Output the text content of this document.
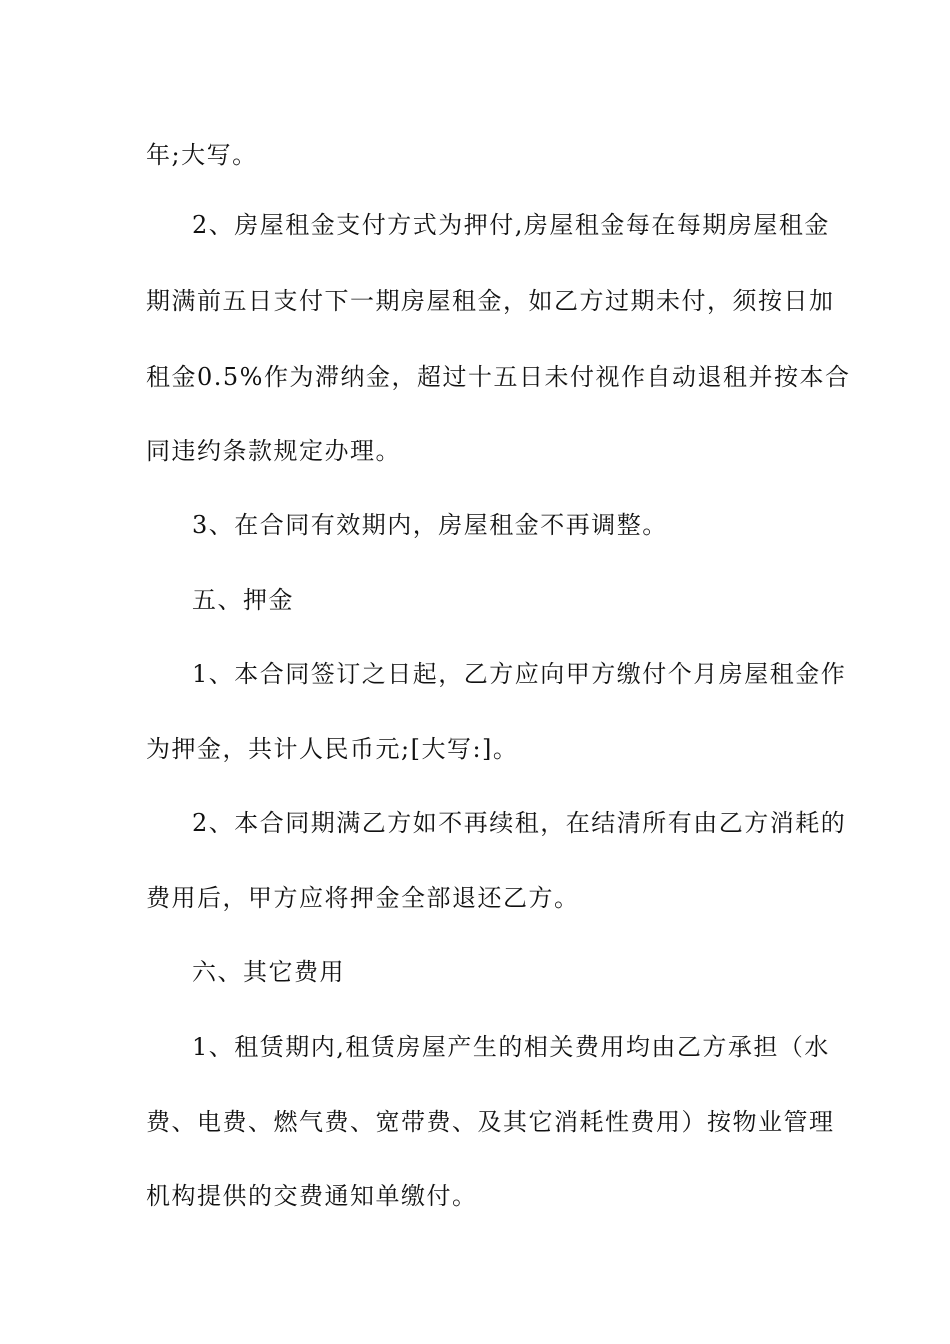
年;大写。
2、房屋租金支付方式为押付,房屋租金每在每期房屋租金
期满前五日支付下一期房屋租金，如乙方过期未付，须按日加
租金0.5%作为滞纳金，超过十五日未付视作自动退租并按本合
同违约条款规定办理。
3、在合同有效期内，房屋租金不再调整。
五、押金
1、本合同签订之日起，乙方应向甲方缴付个月房屋租金作
为押金，共计人民币元;[大写:]。
2、本合同期满乙方如不再续租，在结清所有由乙方消耗的
费用后，甲方应将押金全部退还乙方。
六、其它费用
1、租赁期内,租赁房屋产生的相关费用均由乙方承担（水
费、电费、燃气费、宽带费、及其它消耗性费用）按物业管理
机构提供的交费通知单缴付。
